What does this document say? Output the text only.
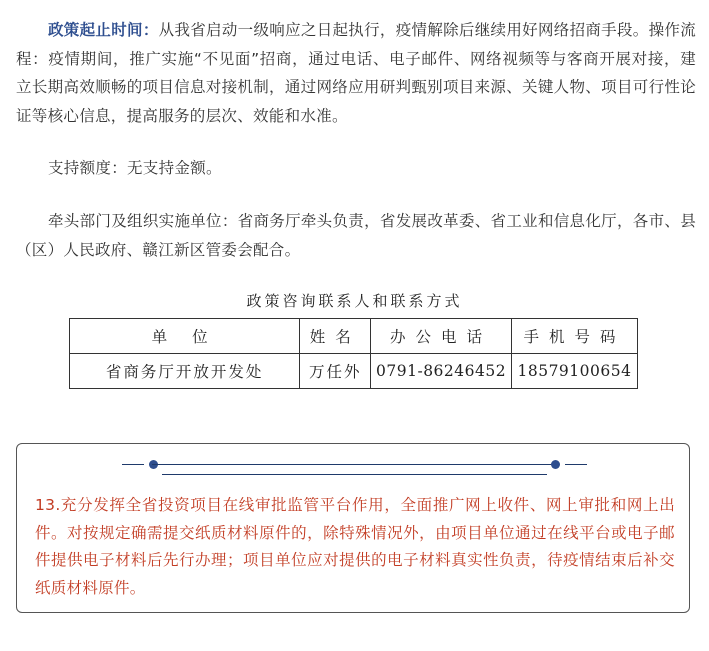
政策起止时间：从我省启动一级响应之日起执行，疫情解除后继续用好网络招商手段。操作流程：疫情期间，推广实施“不见面”招商，通过电话、电子邮件、网络视频等与客商开展对接，建立长期高效顺畅的项目信息对接机制，通过网络应用研判甄别项目来源、关键人物、项目可行性论证等核心信息，提高服务的层次、效能和水准。

支持额度：无支持金额。

牵头部门及组织实施单位：省商务厅牵头负责，省发展改革委、省工业和信息化厅，各市、县（区）人民政府、赣江新区管委会配合。

政策咨询联系人和联系方式
单 位	姓名	办公电话	手机号码
省商务厅开放开发处	万任外	0791-86246452	18579100654

13.充分发挥全省投资项目在线审批监管平台作用，全面推广网上收件、网上审批和网上出件。对按规定确需提交纸质材料原件的，除特殊情况外，由项目单位通过在线平台或电子邮件提供电子材料后先行办理；项目单位应对提供的电子材料真实性负责，待疫情结束后补交纸质材料原件。
